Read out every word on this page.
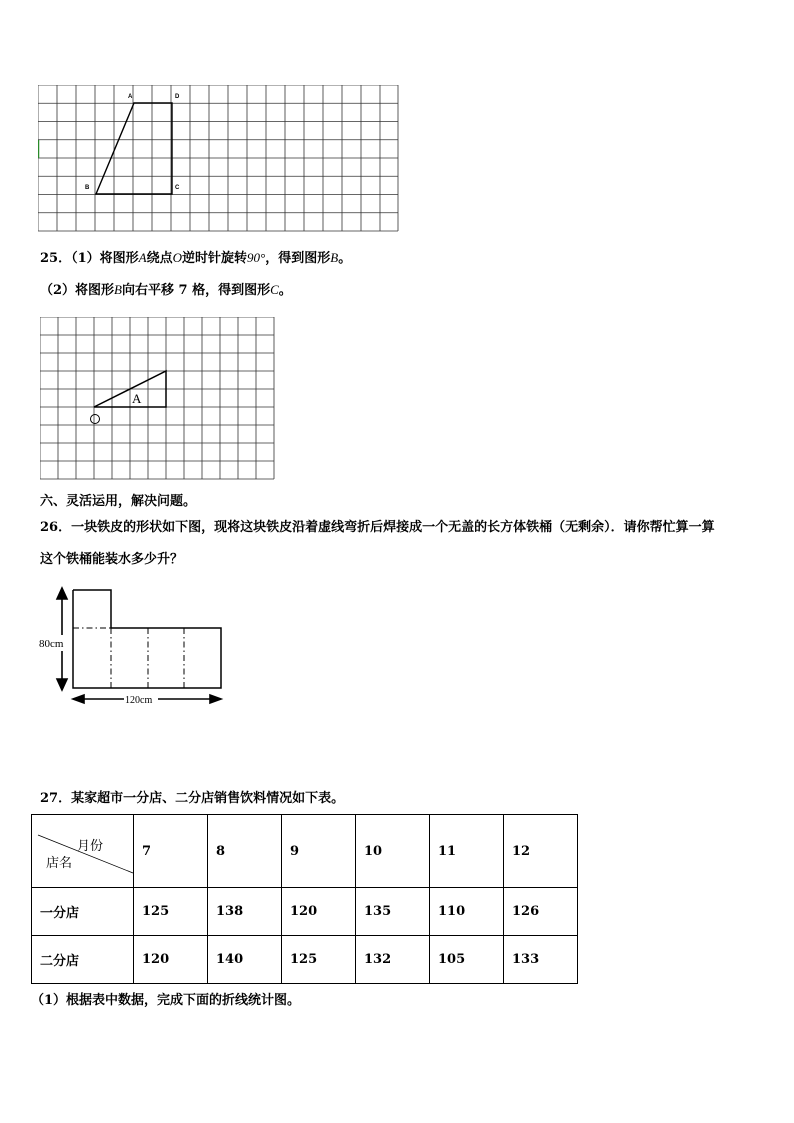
A	D
B	C
25．（1）将图形A绕点O逆时针旋转90°，得到图形B。
（2）将图形B向右平移 7 格，得到图形C。
A
六、灵活运用，解决问题。
26．一块铁皮的形状如下图，现将这块铁皮沿着虚线弯折后焊接成一个无盖的长方体铁桶（无剩余）．请你帮忙算一算
这个铁桶能装水多少升？
80cm
120cm
27．某家超市一分店、二分店销售饮料情况如下表。
月份
店名	7	8	9	10	11	12
一分店	125	138	120	135	110	126
二分店	120	140	125	132	105	133
（1）根据表中数据，完成下面的折线统计图。
